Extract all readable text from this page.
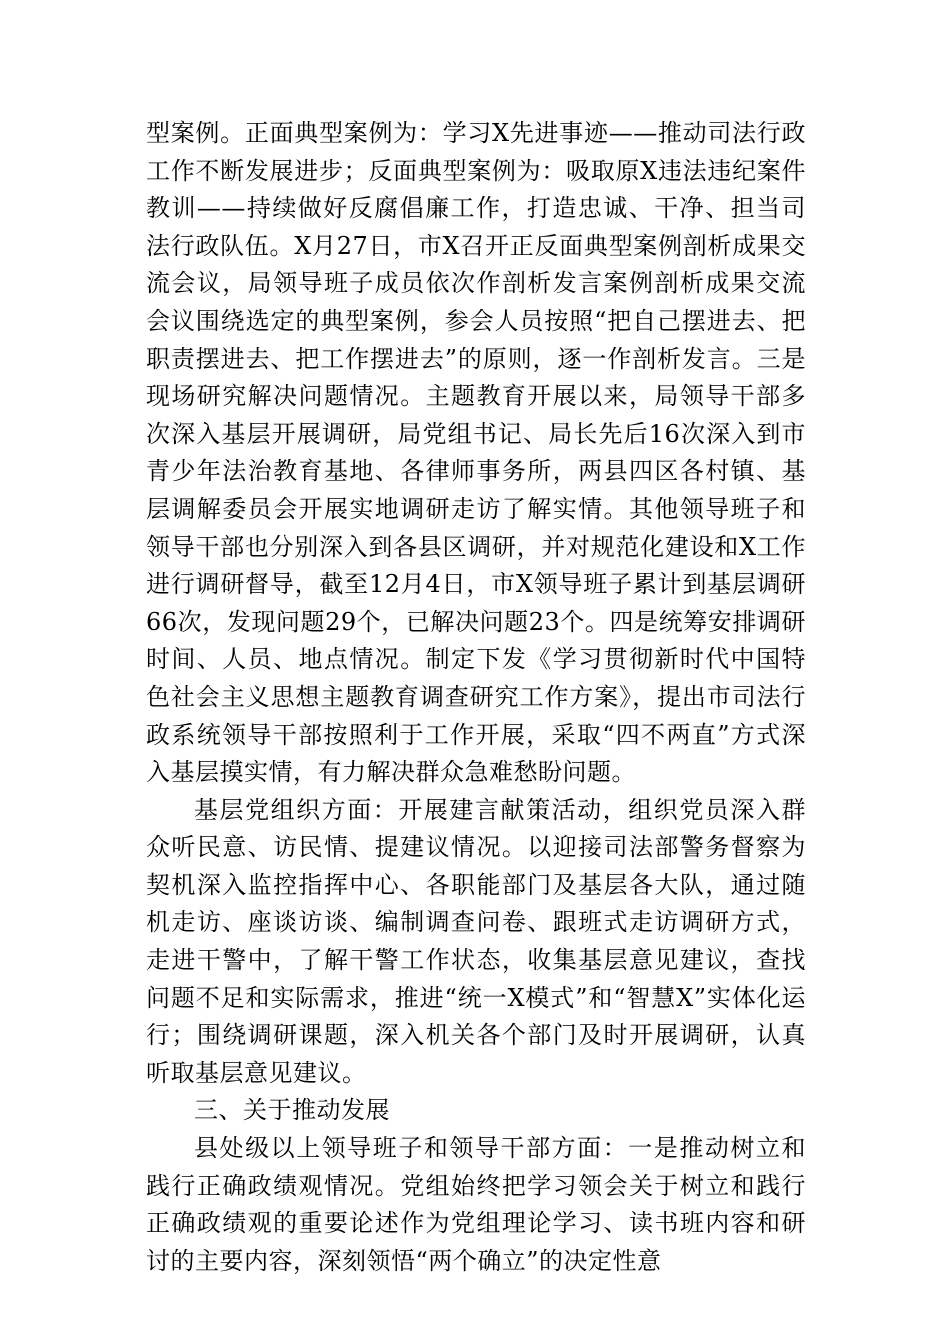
型案例。正面典型案例为：学习X先进事迹——推动司法行政工作不断发展进步；反面典型案例为：吸取原X违法违纪案件教训——持续做好反腐倡廉工作，打造忠诚、干净、担当司法行政队伍。X月27日，市X召开正反面典型案例剖析成果交流会议，局领导班子成员依次作剖析发言案例剖析成果交流会议围绕选定的典型案例，参会人员按照“把自己摆进去、把职责摆进去、把工作摆进去”的原则，逐一作剖析发言。三是现场研究解决问题情况。主题教育开展以来，局领导干部多次深入基层开展调研，局党组书记、局长先后16次深入到市青少年法治教育基地、各律师事务所，两县四区各村镇、基层调解委员会开展实地调研走访了解实情。其他领导班子和领导干部也分别深入到各县区调研，并对规范化建设和X工作进行调研督导，截至12月4日，市X领导班子累计到基层调研66次，发现问题29个，已解决问题23个。四是统筹安排调研时间、人员、地点情况。制定下发《学习贯彻新时代中国特色社会主义思想主题教育调查研究工作方案》，提出市司法行政系统领导干部按照利于工作开展，采取“四不两直”方式深入基层摸实情，有力解决群众急难愁盼问题。

基层党组织方面：开展建言献策活动，组织党员深入群众听民意、访民情、提建议情况。以迎接司法部警务督察为契机深入监控指挥中心、各职能部门及基层各大队，通过随机走访、座谈访谈、编制调查问卷、跟班式走访调研方式，走进干警中，了解干警工作状态，收集基层意见建议，查找问题不足和实际需求，推进“统一X模式”和“智慧X”实体化运行；围绕调研课题，深入机关各个部门及时开展调研，认真听取基层意见建议。

三、关于推动发展

县处级以上领导班子和领导干部方面：一是推动树立和践行正确政绩观情况。党组始终把学习领会关于树立和践行正确政绩观的重要论述作为党组理论学习、读书班内容和研讨的主要内容，深刻领悟“两个确立”的决定性意
